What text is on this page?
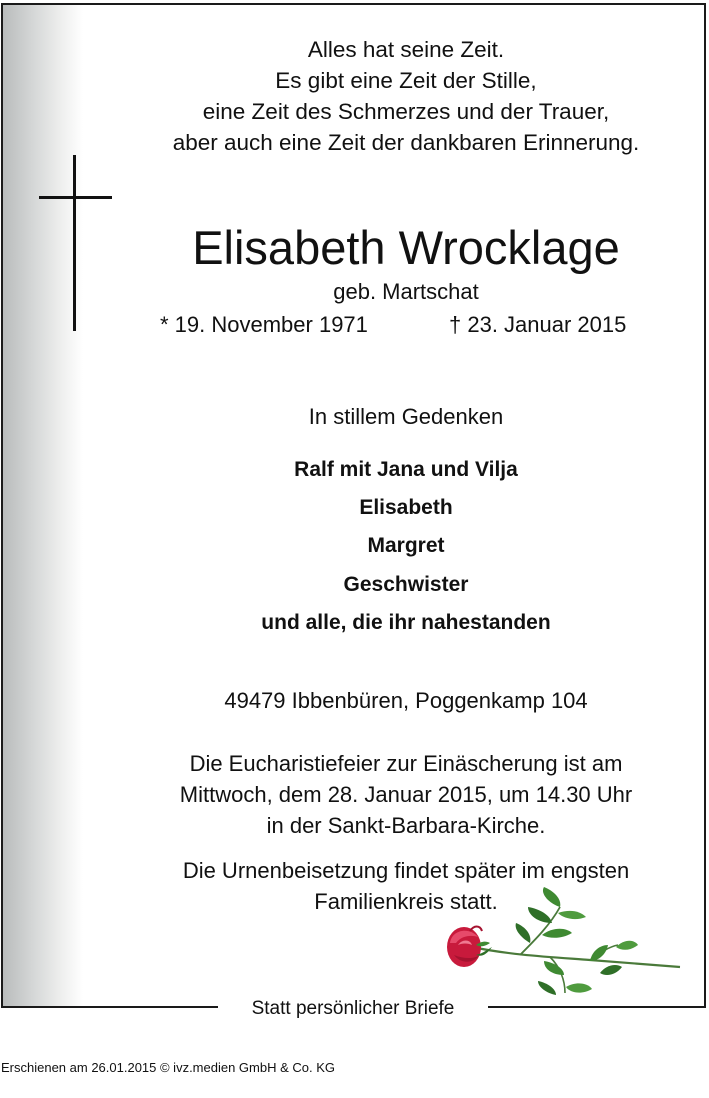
Alles hat seine Zeit.
Es gibt eine Zeit der Stille,
eine Zeit des Schmerzes und der Trauer,
aber auch eine Zeit der dankbaren Erinnerung.
Elisabeth Wrocklage
geb. Martschat
* 19. November 1971	† 23. Januar 2015
In stillem Gedenken
Ralf mit Jana und Vilja
Elisabeth
Margret
Geschwister
und alle, die ihr nahestanden
49479 Ibbenbüren, Poggenkamp 104
Die Eucharistiefeier zur Einäscherung ist am
Mittwoch, dem 28. Januar 2015, um 14.30 Uhr
in der Sankt-Barbara-Kirche.
Die Urnenbeisetzung findet später im engsten
Familienkreis statt.
Statt persönlicher Briefe
Erschienen am 26.01.2015 © ivz.medien GmbH & Co. KG
